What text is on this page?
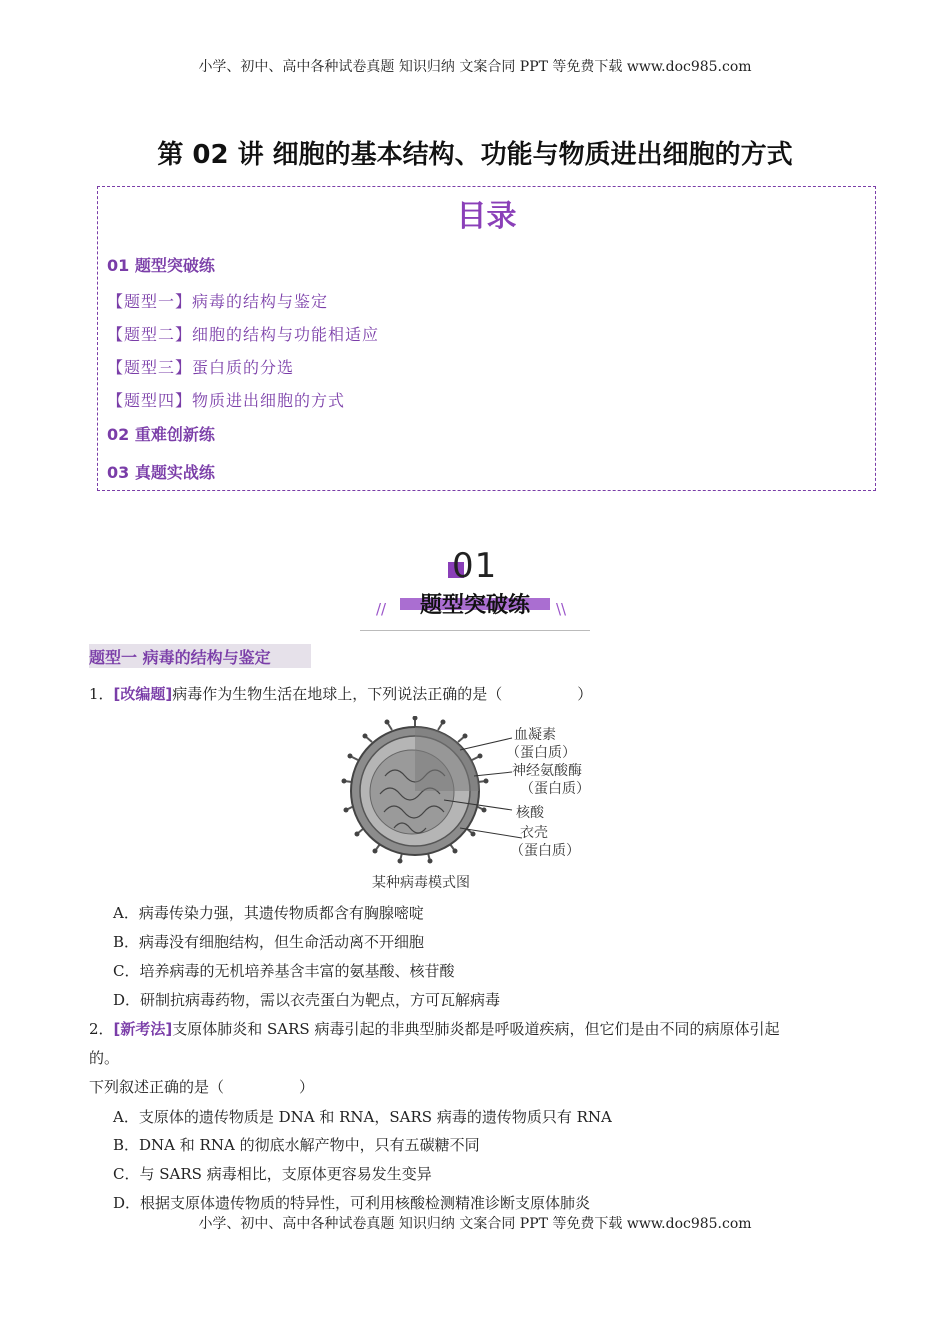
小学、初中、高中各种试卷真题 知识归纳 文案合同 PPT 等免费下载 www.doc985.com
第 02 讲 细胞的基本结构、功能与物质进出细胞的方式
目录
01 题型突破练
【题型一】病毒的结构与鉴定
【题型二】细胞的结构与功能相适应
【题型三】蛋白质的分选
【题型四】物质进出细胞的方式
02 重难创新练
03 真题实战练
01
题型突破练
//	\\
题型一 病毒的结构与鉴定
1．[改编题]病毒作为生物生活在地球上，下列说法正确的是（　　　　　）
血凝素
（蛋白质）
神经氨酸酶
（蛋白质）
核酸
衣壳
（蛋白质）
某种病毒模式图
A．病毒传染力强，其遗传物质都含有胸腺嘧啶
B．病毒没有细胞结构，但生命活动离不开细胞
C．培养病毒的无机培养基含丰富的氨基酸、核苷酸
D．研制抗病毒药物，需以衣壳蛋白为靶点，方可瓦解病毒
2．[新考法]支原体肺炎和 SARS 病毒引起的非典型肺炎都是呼吸道疾病，但它们是由不同的病原体引起
的。
下列叙述正确的是（　　　　　）
A．支原体的遗传物质是 DNA 和 RNA，SARS 病毒的遗传物质只有 RNA
B．DNA 和 RNA 的彻底水解产物中，只有五碳糖不同
C．与 SARS 病毒相比，支原体更容易发生变异
D．根据支原体遗传物质的特异性，可利用核酸检测精准诊断支原体肺炎
小学、初中、高中各种试卷真题 知识归纳 文案合同 PPT 等免费下载 www.doc985.com
